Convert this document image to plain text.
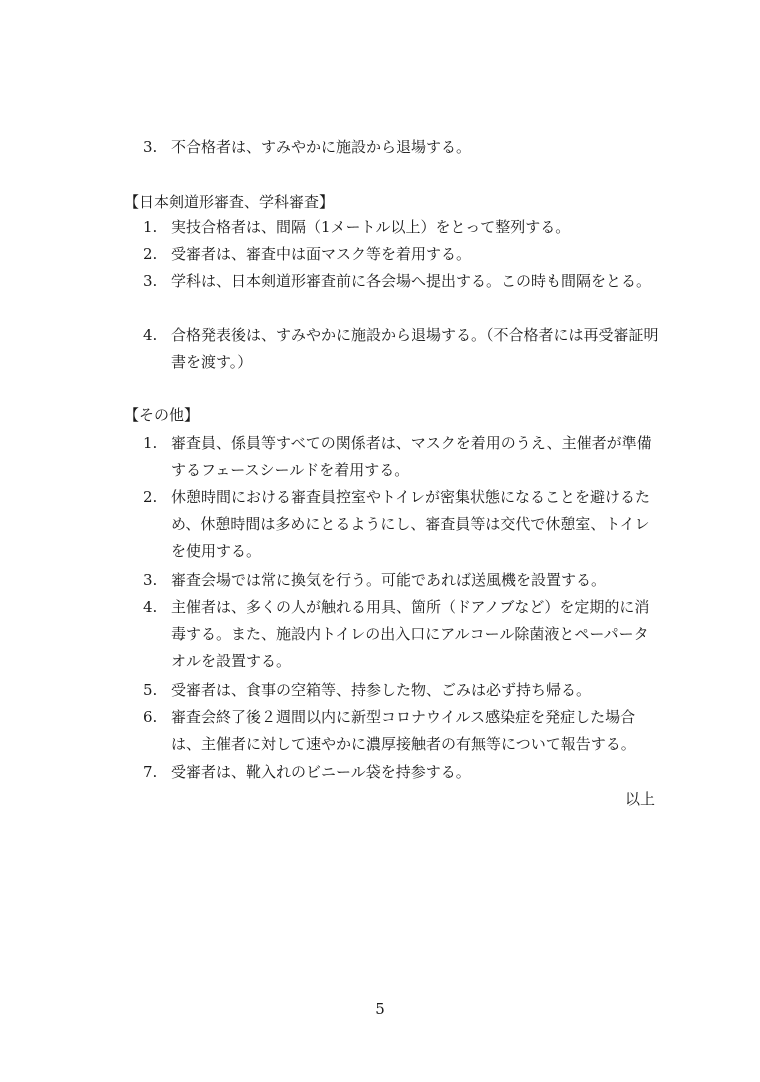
3. 不合格者は、すみやかに施設から退場する。
【日本剣道形審査、学科審査】
1. 実技合格者は、間隔（1メートル以上）をとって整列する。
2. 受審者は、審査中は面マスク等を着用する。
3. 学科は、日本剣道形審査前に各会場へ提出する。この時も間隔をとる。
4. 合格発表後は、すみやかに施設から退場する。（不合格者には再受審証明書を渡す。）
【その他】
1. 審査員、係員等すべての関係者は、マスクを着用のうえ、主催者が準備するフェースシールドを着用する。
2. 休憩時間における審査員控室やトイレが密集状態になることを避けるため、休憩時間は多めにとるようにし、審査員等は交代で休憩室、トイレを使用する。
3. 審査会場では常に換気を行う。可能であれば送風機を設置する。
4. 主催者は、多くの人が触れる用具、箇所（ドアノブなど）を定期的に消毒する。また、施設内トイレの出入口にアルコール除菌液とペーパータオルを設置する。
5. 受審者は、食事の空箱等、持参した物、ごみは必ず持ち帰る。
6. 審査会終了後２週間以内に新型コロナウイルス感染症を発症した場合は、主催者に対して速やかに濃厚接触者の有無等について報告する。
7. 受審者は、靴入れのビニール袋を持参する。
以上
5
